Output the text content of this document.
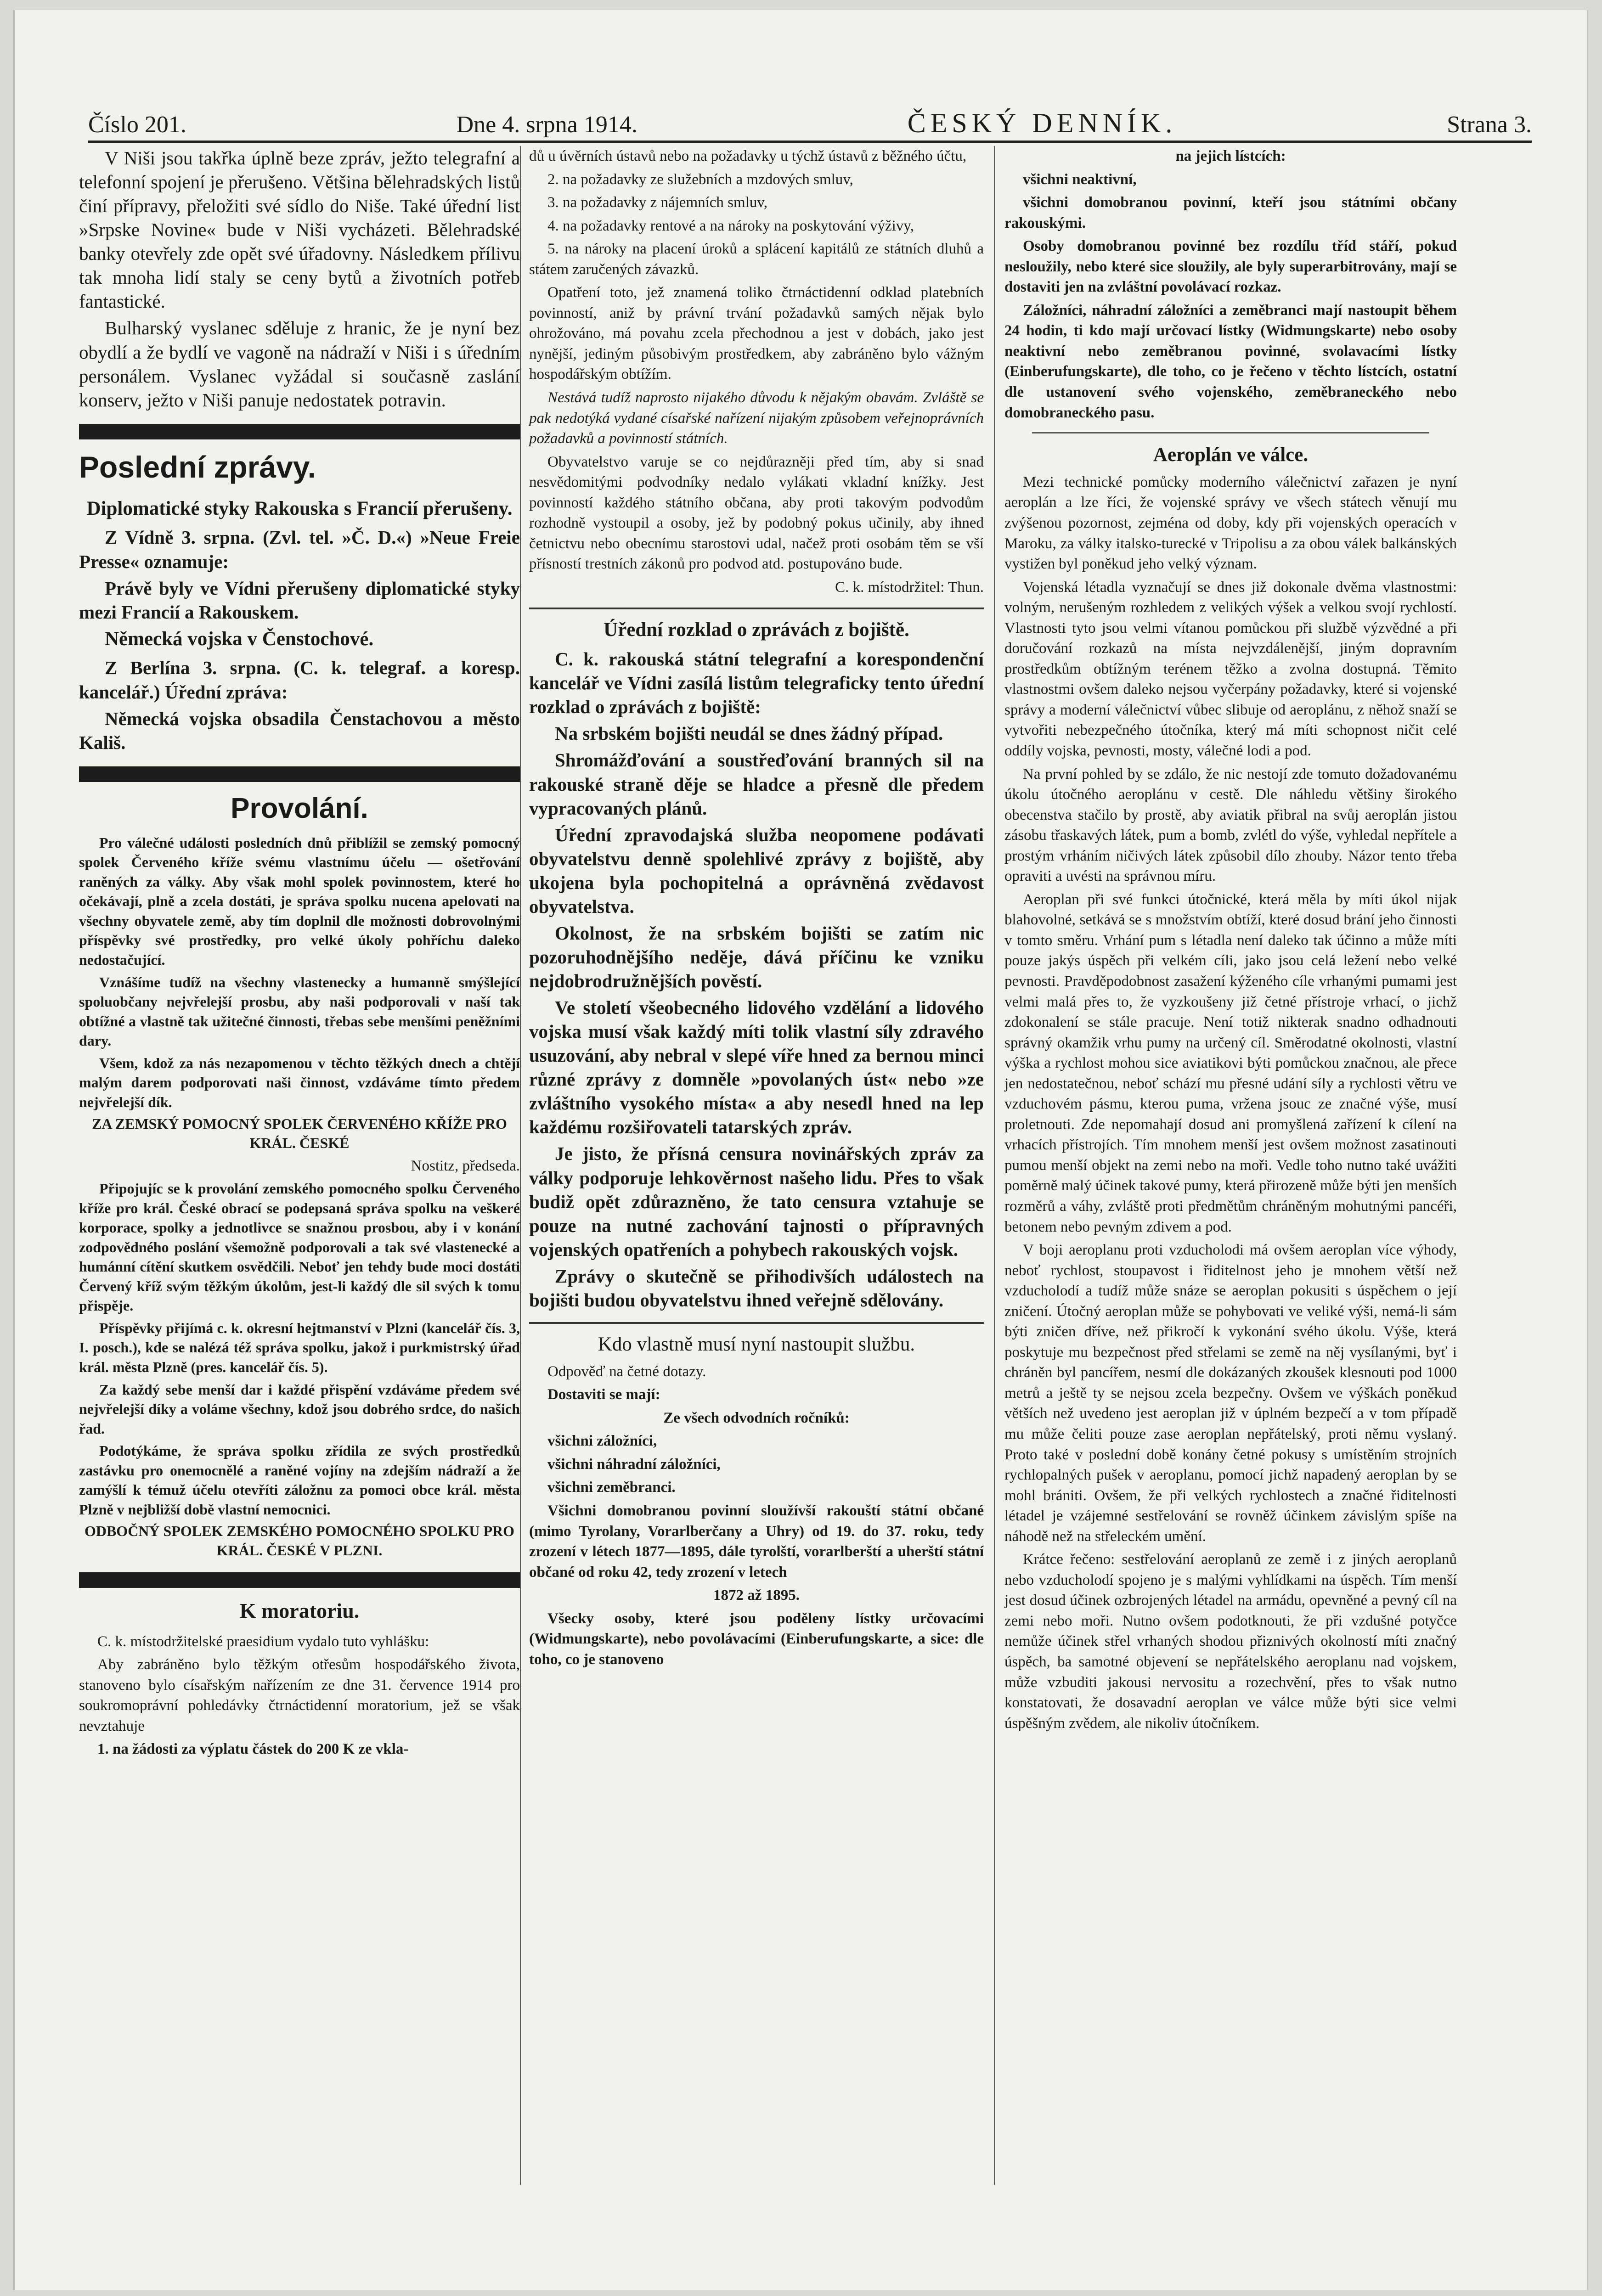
Číslo 201.	Dne 4. srpna 1914.	ČESKÝ DENNÍK.	Strana 3.

V Niši jsou takřka úplně beze zpráv, ježto telegrafní a telefonní spojení je přerušeno. Většina bělehradských listů činí přípravy, přeložiti své sídlo do Niše. Také úřední list »Srpske Novine« bude v Niši vycházeti. Bělehradské banky otevřely zde opět své úřadovny. Následkem přílivu tak mnoha lidí staly se ceny bytů a životních potřeb fantastické.

Bulharský vyslanec sděluje z hranic, že je nyní bez obydlí a že bydlí ve vagoně na nádraží v Niši i s úředním personálem. Vyslanec vyžádal si současně zaslání konserv, ježto v Niši panuje nedostatek potravin.

Poslední zprávy.
Diplomatické styky Rakouska s Francií přerušeny.

Z Vídně 3. srpna. (Zvl. tel. »Č. D.«) »Neue Freie Presse« oznamuje:

Právě byly ve Vídni přerušeny diplomatické styky mezi Francií a Rakouskem.

Německá vojska v Čenstochové.

Z Berlína 3. srpna. (C. k. telegraf. a koresp. kancelář.) Úřední zpráva:

Německá vojska obsadila Čenstachovou a město Kališ.

Provolání.

Pro válečné události posledních dnů přiblížil se zemský pomocný spolek Červeného kříže svému vlastnímu účelu — ošetřování raněných za války. Aby však mohl spolek povinnostem, které ho očekávají, plně a zcela dostáti, je správa spolku nucena apelovati na všechny obyvatele země, aby tím doplnil dle možnosti dobrovolnými příspěvky své prostředky, pro velké úkoly pohříchu daleko nedostačující.

Vznášíme tudíž na všechny vlastenecky a humanně smýšlející spoluobčany nejvřelejší prosbu, aby naši podporovali v naší tak obtížné a vlastně tak užitečné činnosti, třebas sebe menšími peněžními dary.

Všem, kdož za nás nezapomenou v těchto těžkých dnech a chtějí malým darem podporovati naši činnost, vzdáváme tímto předem nejvřelejší dík.

ZA ZEMSKÝ POMOCNÝ SPOLEK ČERVENÉHO KŘÍŽE PRO KRÁL. ČESKÉ

Nostitz, předseda.

Připojujíc se k provolání zemského pomocného spolku Červeného kříže pro král. České obrací se podepsaná správa spolku na veškeré korporace, spolky a jednotlivce se snažnou prosbou, aby i v konání zodpovědného poslání všemožně podporovali a tak své vlastenecké a humánní cítění skutkem osvědčili. Neboť jen tehdy bude moci dostáti Červený kříž svým těžkým úkolům, jest-li každý dle sil svých k tomu přispěje.

Příspěvky přijímá c. k. okresní hejtmanství v Plzni (kancelář čís. 3, I. posch.), kde se nalézá též správa spolku, jakož i purkmistrský úřad král. města Plzně (pres. kancelář čís. 5).

Za každý sebe menší dar i každé přispění vzdáváme předem své nejvřelejší díky a voláme všechny, kdož jsou dobrého srdce, do našich řad.

Podotýkáme, že správa spolku zřídila ze svých prostředků zastávku pro onemocnělé a raněné vojíny na zdejším nádraží a že zamýšlí k témuž účelu otevříti záložnu za pomoci obce král. města Plzně v nejbližší době vlastní nemocnici.

ODBOČNÝ SPOLEK ZEMSKÉHO POMOCNÉHO SPOLKU PRO KRÁL. ČESKÉ V PLZNI.

K moratoriu.

C. k. místodržitelské praesidium vydalo tuto vyhlášku:

Aby zabráněno bylo těžkým otřesům hospodářského života, stanoveno bylo císařským nařízením ze dne 31. července 1914 pro soukromoprávní pohledávky čtrnáctidenní moratorium, jež se však nevztahuje

1. na žádosti za výplatu částek do 200 K ze vkla-

dů u úvěrních ústavů nebo na požadavky u týchž ústavů z běžného účtu,

2. na požadavky ze služebních a mzdových smluv,

3. na požadavky z nájemních smluv,

4. na požadavky rentové a na nároky na poskytování výživy,

5. na nároky na placení úroků a splácení kapitálů ze státních dluhů a státem zaručených závazků.

Opatření toto, jež znamená toliko čtrnáctidenní odklad platebních povinností, aniž by právní trvání požadavků samých nějak bylo ohrožováno, má povahu zcela přechodnou a jest v dobách, jako jest nynější, jediným působivým prostředkem, aby zabráněno bylo vážným hospodářským obtížím.

Nestává tudíž naprosto nijakého důvodu k nějakým obavám. Zvláště se pak nedotýká vydané císařské nařízení nijakým způsobem veřejnoprávních požadavků a povinností státních.

Obyvatelstvo varuje se co nejdůrazněji před tím, aby si snad nesvědomitými podvodníky nedalo vylákati vkladní knížky. Jest povinností každého státního občana, aby proti takovým podvodům rozhodně vystoupil a osoby, jež by podobný pokus učinily, aby ihned četnictvu nebo obecnímu starostovi udal, načež proti osobám těm se vší přísností trestních zákonů pro podvod atd. postupováno bude.

C. k. místodržitel: Thun.

Úřední rozklad o zprávách z bojiště.

C. k. rakouská státní telegrafní a korespondenční kancelář ve Vídni zasílá listům telegraficky tento úřední rozklad o zprávách z bojiště:

Na srbském bojišti neudál se dnes žádný případ.

Shromážďování a soustřeďování branných sil na rakouské straně děje se hladce a přesně dle předem vypracovaných plánů.

Úřední zpravodajská služba neopomene podávati obyvatelstvu denně spolehlivé zprávy z bojiště, aby ukojena byla pochopitelná a oprávněná zvědavost obyvatelstva.

Okolnost, že na srbském bojišti se zatím nic pozoruhodnějšího neděje, dává příčinu ke vzniku nejdobrodružnějších pověstí.

Ve století všeobecného lidového vzdělání a lidového vojska musí však každý míti tolik vlastní síly zdravého usuzování, aby nebral v slepé víře hned za bernou minci různé zprávy z domněle »povolaných úst« nebo »ze zvláštního vysokého místa« a aby nesedl hned na lep každému rozšiřovateli tatarských zpráv.

Je jisto, že přísná censura novinářských zpráv za války podporuje lehkověrnost našeho lidu. Přes to však budiž opět zdůrazněno, že tato censura vztahuje se pouze na nutné zachování tajnosti o přípravných vojenských opatřeních a pohybech rakouských vojsk.

Zprávy o skutečně se přihodivších událostech na bojišti budou obyvatelstvu ihned veřejně sdělovány.

Kdo vlastně musí nyní nastoupit službu.

Odpověď na četné dotazy.

Dostaviti se mají:

Ze všech odvodních ročníků:

všichni záložníci,

všichni náhradní záložníci,

všichni zeměbranci.

Všichni domobranou povinní sloužívší rakouští státní občané (mimo Tyrolany, Vorarlberčany a Uhry) od 19. do 37. roku, tedy zrození v létech 1877—1895, dále tyrolští, vorarlberští a uherští státní občané od roku 42, tedy zrození v letech

1872 až 1895.

Všecky osoby, které jsou poděleny lístky určovacími (Widmungskarte), nebo povolávacími (Einberufungskarte, a sice: dle toho, co je stanoveno

na jejich lístcích:

všichni neaktivní,

všichni domobranou povinní, kteří jsou státními občany rakouskými.

Osoby domobranou povinné bez rozdílu tříd stáří, pokud nesloužily, nebo které sice sloužily, ale byly superarbitrovány, mají se dostaviti jen na zvláštní povolávací rozkaz.

Záložníci, náhradní záložníci a zeměbranci mají nastoupit během 24 hodin, ti kdo mají určovací lístky (Widmungskarte) nebo osoby neaktivní nebo zeměbranou povinné, svolavacími lístky (Einberufungskarte), dle toho, co je řečeno v těchto lístcích, ostatní dle ustanovení svého vojenského, zeměbraneckého nebo domobraneckého pasu.

Aeroplán ve válce.

Mezi technické pomůcky moderního válečnictví zařazen je nyní aeroplán a lze říci, že vojenské správy ve všech státech věnují mu zvýšenou pozornost, zejména od doby, kdy při vojenských operacích v Maroku, za války italsko-turecké v Tripolisu a za obou válek balkánských vystižen byl poněkud jeho velký význam.

Vojenská létadla vyznačují se dnes již dokonale dvěma vlastnostmi: volným, nerušeným rozhledem z velikých výšek a velkou svojí rychlostí. Vlastnosti tyto jsou velmi vítanou pomůckou při službě výzvědné a při doručování rozkazů na místa nejvzdálenější, jiným dopravním prostředkům obtížným terénem těžko a zvolna dostupná. Těmito vlastnostmi ovšem daleko nejsou vyčerpány požadavky, které si vojenské správy a moderní válečnictví vůbec slibuje od aeroplánu, z něhož snaží se vytvořiti nebezpečného útočníka, který má míti schopnost ničit celé oddíly vojska, pevnosti, mosty, válečné lodi a pod.

Na první pohled by se zdálo, že nic nestojí zde tomuto dožadovanému úkolu útočného aeroplánu v cestě. Dle náhledu většiny širokého obecenstva stačilo by prostě, aby aviatik přibral na svůj aeroplán jistou zásobu třaskavých látek, pum a bomb, zvlétl do výše, vyhledal nepřítele a prostým vrháním ničivých látek způsobil dílo zhouby. Názor tento třeba opraviti a uvésti na správnou míru.

Aeroplan při své funkci útočnické, která měla by míti úkol nijak blahovolné, setkává se s množstvím obtíží, které dosud brání jeho činnosti v tomto směru. Vrhání pum s létadla není daleko tak účinno a může míti pouze jakýs úspěch při velkém cíli, jako jsou celá ležení nebo velké pevnosti. Pravděpodobnost zasažení kýženého cíle vrhanými pumami jest velmi malá přes to, že vyzkoušeny již četné přístroje vrhací, o jichž zdokonalení se stále pracuje. Není totiž nikterak snadno odhadnouti správný okamžik vrhu pumy na určený cíl. Směrodatné okolnosti, vlastní výška a rychlost mohou sice aviatikovi býti pomůckou značnou, ale přece jen nedostatečnou, neboť schází mu přesné udání síly a rychlosti větru ve vzduchovém pásmu, kterou puma, vržena jsouc ze značné výše, musí proletnouti. Zde nepomahají dosud ani promyšlená zařízení k cílení na vrhacích přístrojích. Tím mnohem menší jest ovšem možnost zasatinouti pumou menší objekt na zemi nebo na moři. Vedle toho nutno také uvážiti poměrně malý účinek takové pumy, která přirozeně může býti jen menších rozměrů a váhy, zvláště proti předmětům chráněným mohutnými pancéři, betonem nebo pevným zdivem a pod.

V boji aeroplanu proti vzducholodi má ovšem aeroplan více výhody, neboť rychlost, stoupavost i řiditelnost jeho je mnohem větší než vzducholodí a tudíž může snáze se aeroplan pokusiti s úspěchem o její zničení. Útočný aeroplan může se pohybovati ve veliké výši, nemá-li sám býti zničen dříve, než přikročí k vykonání svého úkolu. Výše, která poskytuje mu bezpečnost před střelami se země na něj vysílanými, byť i chráněn byl pancířem, nesmí dle dokázaných zkoušek klesnouti pod 1000 metrů a ještě ty se nejsou zcela bezpečny. Ovšem ve výškách poněkud větších než uvedeno jest aeroplan již v úplném bezpečí a v tom případě mu může čeliti pouze zase aeroplan nepřátelský, proti němu vyslaný. Proto také v poslední době konány četné pokusy s umístěním strojních rychlopalných pušek v aeroplanu, pomocí jichž napadený aeroplan by se mohl brániti. Ovšem, že při velkých rychlostech a značné řiditelnosti létadel je vzájemné sestřelování se rovněž účinkem závislým spíše na náhodě než na střeleckém umění.

Krátce řečeno: sestřelování aeroplanů ze země i z jiných aeroplanů nebo vzducholodí spojeno je s malými vyhlídkami na úspěch. Tím menší jest dosud účinek ozbrojených létadel na armádu, opevněné a pevný cíl na zemi nebo moři. Nutno ovšem podotknouti, že při vzdušné potyčce nemůže účinek střel vrhaných shodou přiznivých okolností míti značný úspěch, ba samotné objevení se nepřátelského aeroplanu nad vojskem, může vzbuditi jakousi nervositu a rozechvění, přes to však nutno konstatovati, že dosavadní aeroplan ve válce může býti sice velmi úspěšným zvědem, ale nikoliv útočníkem.
